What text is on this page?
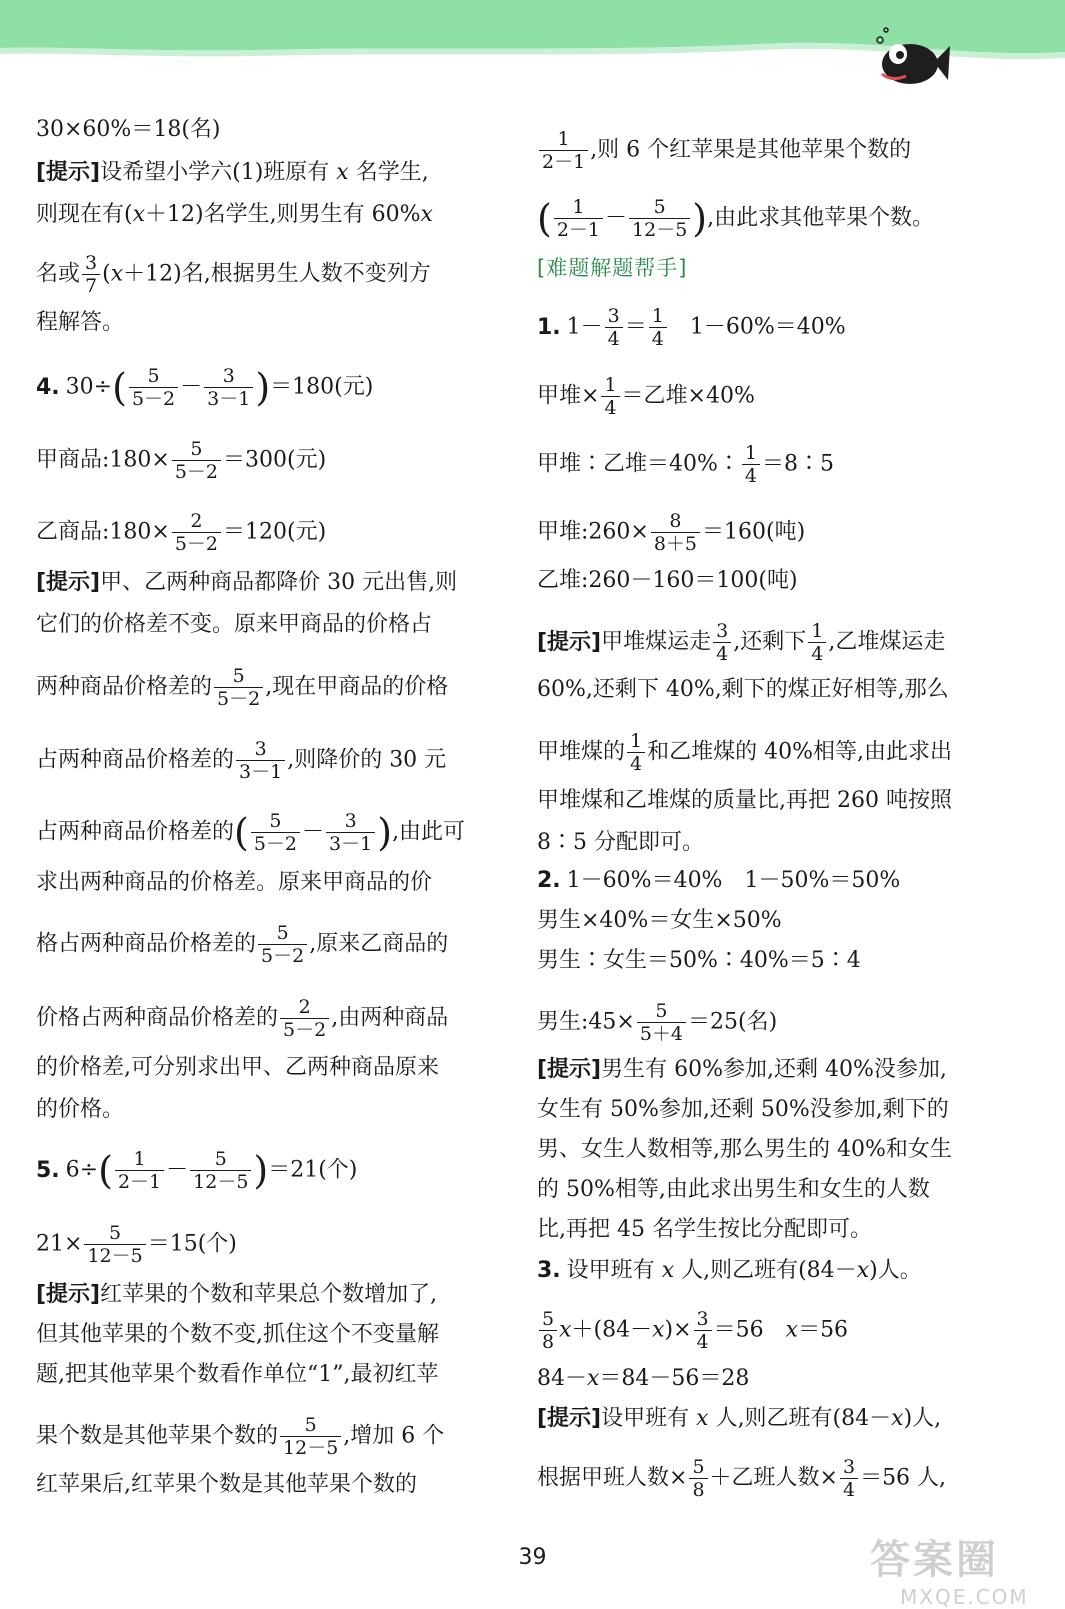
30×60%＝18(名)
[提示]设希望小学六(1)班原有 x 名学生,
则现在有(x＋12)名学生,则男生有 60%x
名或 $\frac{3}{7} (x+12)$名,根据男生人数不变列方
程解答。
4. $30\div( \frac{5}{5-2} - \frac{3}{3-1} )=180$(元)
甲商品:180× $\frac{5}{5-2} =300$(元)
乙商品:180× $\frac{2}{5-2} =120$(元)
[提示]甲、乙两种商品都降价 30 元出售,则
它们的价格差不变。原来甲商品的价格占
两种商品价格差的 $\frac{5}{5-2}$ ,现在甲商品的价格
占两种商品价格差的 $\frac{3}{3-1}$ ,则降价的 30 元
占两种商品价格差的( $\frac{5}{5-2} - \frac{3}{3-1}$ ),由此可
求出两种商品的价格差。原来甲商品的价
格占两种商品价格差的 $\frac{5}{5-2}$ ,原来乙商品的
价格占两种商品价格差的 $\frac{2}{5-2}$ ,由两种商品
的价格差,可分别求出甲、乙两种商品原来
的价格。
5. $6\div( \frac{1}{2-1} - \frac{5}{12-5} )=21$(个)
$21\times \frac{5}{12-5} =15$(个)
[提示]红苹果的个数和苹果总个数增加了,
但其他苹果的个数不变,抓住这个不变量解
题,把其他苹果个数看作单位“1”,最初红苹
果个数是其他苹果个数的 $\frac{5}{12-5}$ ,增加 6 个
红苹果后,红苹果个数是其他苹果个数的
$\frac{1}{2-1}$ ,则 6 个红苹果是其他苹果个数的
( $\frac{1}{2-1} - \frac{5}{12-5}$ ),由此求其他苹果个数。
[难题解题帮手]
1. $1- \frac{3}{4} = \frac{1}{4} 1-60\%=40\%$
甲堆× $\frac{1}{4}$ ＝乙堆×40%
甲堆∶乙堆＝40%∶ $\frac{1}{4}$ ＝8∶5
甲堆:260× $\frac{8}{8+5} =160$(吨)
乙堆:260－160＝100(吨)
[提示]甲堆煤运走 $\frac{3}{4}$ ,还剩下 $\frac{1}{4}$ ,乙堆煤运走
60%,还剩下 40%,剩下的煤正好相等,那么
甲堆煤的 $\frac{1}{4}$ 和乙堆煤的 40%相等,由此求出
甲堆煤和乙堆煤的质量比,再把 260 吨按照
8∶5 分配即可。
2. 1－60%＝40%　1－50%＝50%
男生×40%＝女生×50%
男生∶女生＝50%∶40%＝5∶4
男生:45× $\frac{5}{5+4} =25$(名)
[提示]男生有 60%参加,还剩 40%没参加,
女生有 50%参加,还剩 50%没参加,剩下的
男、女生人数相等,那么男生的 40%和女生
的 50%相等,由此求出男生和女生的人数
比,再把 45 名学生按比分配即可。
3. 设甲班有 x 人,则乙班有(84－x)人。
$\frac{5}{8} x+(84-x)\times \frac{3}{4} =56$　x＝56
84－x＝84－56＝28
[提示]设甲班有 x 人,则乙班有(84－x)人,
根据甲班人数× $\frac{5}{8}$ ＋乙班人数× $\frac{3}{4} =56$ 人,
39	答案圈
MXQE.COM
